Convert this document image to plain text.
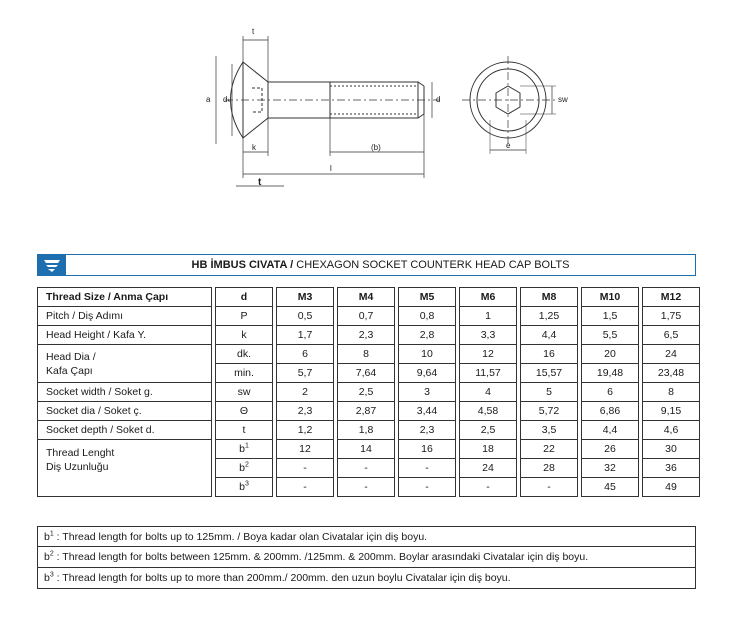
a dₖ
t
k	(b)
l
d
e
sw
t
HB İMBUS CIVATA / CHEXAGON SOCKET COUNTERK HEAD CAP BOLTS
Thread Size / Anma Çapı		d		M3		M4		M5		M6		M8		M10		M12
Pitch / Diş Adımı		P		0,5		0,7		0,8		1		1,25		1,5		1,75
Head Height / Kafa Y.		k		1,7		2,3		2,8		3,3		4,4		5,5		6,5
Head Dia /
Kafa Çapı		dk.		6		8		10		12		16		20		24
		min.		5,7		7,64		9,64		11,57		15,57		19,48		23,48
Socket width / Soket g.		sw		2		2,5		3		4		5		6		8
Socket dia / Soket ç.		Θ		2,3		2,87		3,44		4,58		5,72		6,86		9,15
Socket depth / Soket d.		t		1,2		1,8		2,3		2,5		3,5		4,4		4,6
Thread Lenght
Diş Uzunluğu		$b^1$		12		14		16		18		22		26		30
		$b^2$		-		-		-		24		28		32		36
		$b^3$		-		-		-		-		-		45		49
$b^1$ : Thread length for bolts up to 125mm. / Boya kadar olan Civatalar için diş boyu.
$b^2$ : Thread length for bolts between 125mm. & 200mm. /125mm. & 200mm. Boylar arasındaki Civatalar için diş boyu.
$b^3$ : Thread length for bolts up to more than 200mm./ 200mm. den uzun boylu Civatalar için diş boyu.
